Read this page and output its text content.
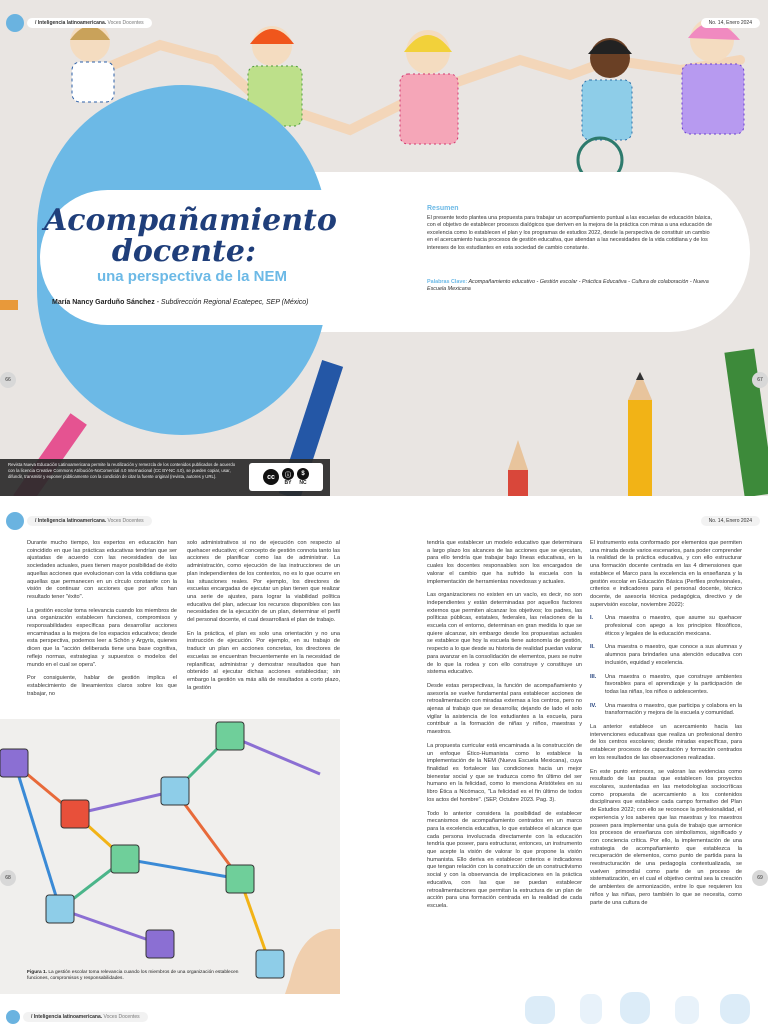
/ Inteligencia latinoamericana. Voces Docentes	No. 14, Enero 2024
Acompañamiento
docente:
una perspectiva de la NEM
María Nancy Garduño Sánchez - Subdirección Regional Ecatepec, SEP (México)
Resumen
El presente texto plantea una propuesta para trabajar un acompañamiento puntual a las escuelas de educación básica, con el objetivo de establecer procesos dialógicos que deriven en la mejora de la práctica con miras a una educación de excelencia como lo establecen el plan y los programas de estudios 2022, desde la perspectiva de constituir un cambio en el acercamiento hacia procesos de gestión educativa, que atiendan a las necesidades de la vida cotidiana y de los intereses de los estudiantes en esta sociedad de cambio constante.
Palabras Clave: Acompañamiento educativo - Gestión escolar - Práctica Educativa - Cultura de colaboración - Nueva Escuela Mexicana
66	67
Revista Nueva Educación Latinoamericana permite la reutilización y remezcla de los contenidos publicados de acuerdo con la licencia Creative Commons Atribución-NoComercial 4.0 Internacional (CC BY-NC 4.0), se pueden copiar, usar, difundir, transmitir y exponer públicamente con la condición de citar la fuente original (revista, autores y URL).	cc	ⓘ
BY
$
NC
/ Inteligencia latinoamericana. Voces Docentes	No. 14, Enero 2024

Durante mucho tiempo, los expertos en educación han coincidido en que las prácticas educativas tendrían que ser ajustadas de acuerdo con las necesidades de las sociedades actuales, pues tienen mayor posibilidad de éxito aquellas acciones que evolucionan con la vida cotidiana que aquellas que permanecen en un círculo constante con la visión de continuar con acciones que por años han resultado tener "éxito".

La gestión escolar toma relevancia cuando los miembros de una organización establecen funciones, compromisos y responsabilidades específicas para desarrollar acciones encaminadas a la mejora de los espacios educativos; desde esta perspectiva, podemos leer a Schön y Argyris, quienes dicen que la "acción deliberada tiene una base cognitiva, reflejo normas, estrategias y supuestos o modelos del mundo en el cual se opera".

Por consiguiente, hablar de gestión implica el establecimiento de lineamientos claros sobre los que trabajar, no

solo administrativos si no de ejecución con respecto al quehacer educativo; el concepto de gestión connota tanto las acciones de planificar como las de administrar. La administración, como ejecución de las instrucciones de un plan independientes de los contextos, no es lo que ocurre en las situaciones reales. Por ejemplo, los directores de escuelas encargadas de ejecutar un plan tienen que realizar una serie de ajustes, para lograr la viabilidad política educativa del plan, adecuar los recursos disponibles con las necesidades de la ejecución de un plan, determinar el perfil del personal docente, el cual desarrollará el plan de trabajo.

En la práctica, el plan es solo una orientación y no una instrucción de ejecución. Por ejemplo, en su trabajo de traducir un plan en acciones concretas, los directores de escuelas se encuentran frecuentemente en la necesidad de replanificar, administrar y demostrar resultados que han obtenido al ejecutar dichas acciones establecidas; sin embargo la gestión va más allá de resultados a corto plazo, la gestión

Figura 1. La gestión escolar toma relevancia cuando los miembros de una organización establecen funciones, compromisos y responsabilidades.

tendría que establecer un modelo educativo que determinara a largo plazo los alcances de las acciones que se ejecutan, para ello tendría que trabajar bajo líneas educativas, en la cuales los docentes responsables son los encargados de valorar el cambio que ha sufrido la escuela con la implementación de herramientas novedosas y actuales.

Las organizaciones no existen en un vacío, es decir, no son independientes y están determinadas por aquellos factores externos que permiten alcanzar los objetivos; los padres, las políticas públicas, estatales, federales, las relaciones de la escuela con el entorno, determinan en gran medida lo que se quiere alcanzar, sin embargo desde los propuestas actuales se establece que hoy la escuela tiene autonomía de gestión, respecto a lo que desde su historia de realidad puedan valorar para avanzar en la consolidación de elementos, pues se nutre de lo que la rodea y con ello construye y constituye un sistema educativo.

Desde estas perspectivas, la función de acompañamiento y asesoría se vuelve fundamental para establecer acciones de retroalimentación con miradas externas a los centros, pero no ajenas al trabajo que se desarrolla; dejando de lado el solo vigilar la asistencia de los estudiantes a la escuela, para contribuir a la formación de niñas y niños, maestras y maestros.

La propuesta curricular está encaminada a la construcción de un enfoque Ético-Humanista como lo establece la implementación de la NEM (Nueva Escuela Mexicana), cuya finalidad es fortalecer las condiciones hacia un mejor bienestar social y que se traduzca como fin último del ser humano en la felicidad, como lo menciona Aristóteles en su libro Ética a Nicómaco, "La felicidad es el fin último de todos los actos del hombre". (SEP, Octubre 2023. Pag. 3).

Todo lo anterior considera la posibilidad de establecer mecanismos de acompañamiento centrados en un marco para la excelencia educativa, lo que establece el alcance que cada persona involucrada directamente con la educación tendría que poseer, para estructurar, entonces, un instrumento que acepte la visión de valorar lo que propone la visión humanista. Ello deriva en establecer criterios e indicadores que tengan relación con la construcción de un constructivismo social y con la observancia de implicaciones en la práctica educativa, con las que se puedan establecer retroalimentaciones que permitan la estructura de un plan de acción para una formación centrada en la realidad de cada escuela.

El instrumento esta conformado por elementos que permiten una mirada desde varios escenarios, para poder comprender la realidad de la práctica educativa, y con ello estructurar una formación docente centrada en las 4 dimensiones que establece el Marco para la excelencia en la enseñanza y la gestión escolar en Educación Básica (Perfiles profesionales, criterios e indicadores para el personal docente, técnico docente, de asesoría técnica pedagógica, directivo y de supervisión escolar, noviembre 2022):

I.	Una maestra o maestro, que asume su quehacer profesional con apego a los principios filosóficos, éticos y legales de la educación mexicana.
II.	Una maestra o maestro, que conoce a sus alumnas y alumnos para brindarles una atención educativa con inclusión, equidad y excelencia.
III.	Una maestra o maestro, que construye ambientes favorables para el aprendizaje y la participación de todas las niñas, los niños o adolescentes.
IV.	Una maestra o maestro, que participa y colabora en la transformación y mejora de la escuela y comunidad.

La anterior establece un acercamiento hacia las intervenciones educativas que realiza un profesional dentro de los centros escolares; desde miradas específicas, para establecer procesos de capacitación y formación centrados en los resultados de las observaciones realizadas.

En este punto entonces, se valoran las evidencias como resultado de las pautas que establecen los proyectos escolares, sustentadas en las metodologías sociocríticas como propuesta de acercamiento a los contenidos disciplinares que establece cada campo formativo del Plan de Estudios 2022; con ello se reconoce la profesionalidad, el experiencia y los saberes que las maestras y los maestros poseen para implementar una guía de trabajo que armonice los procesos de enseñanza con simbolismos, significado y con conciencia crítica. Por ello, la implementación de una estrategia de acompañamiento que establezca la recuperación de elementos, como punto de partida para la reestructuración de una pedagogía contextualizada, se vuelven primordial como parte de un proceso de sistematización, en el cual el objetivo central sea la creación de ambientes de armonización, entre lo que requieren los niños y las niñas, pero también lo que se necesita, como parte de una cultura de

68	69
/ Inteligencia latinoamericana. Voces Docentes
